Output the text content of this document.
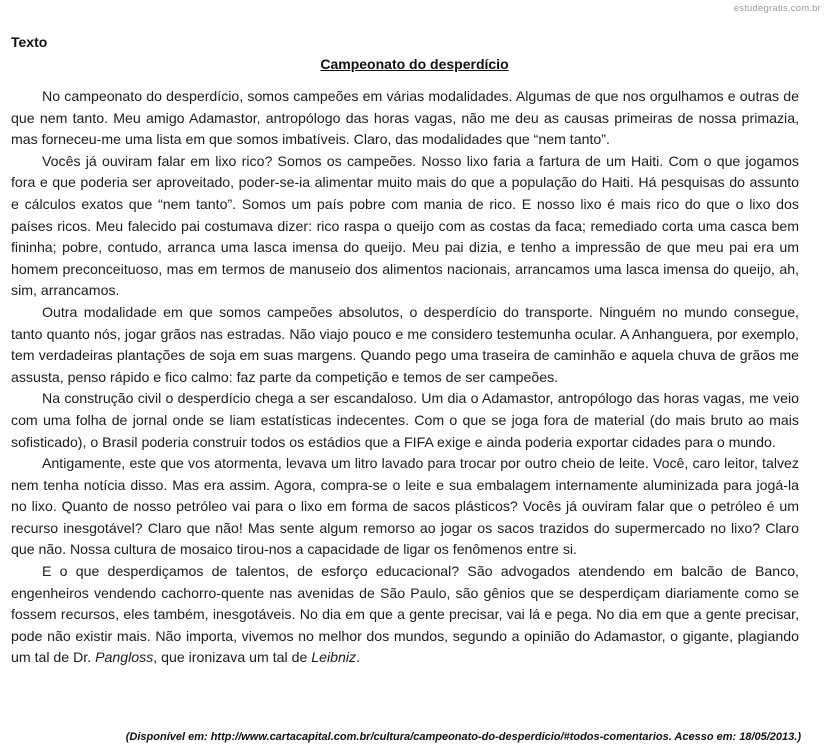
estudegratis.com.br
Texto
Campeonato do desperdício

No campeonato do desperdício, somos campeões em várias modalidades. Algumas de que nos orgulhamos e outras de que nem tanto. Meu amigo Adamastor, antropólogo das horas vagas, não me deu as causas primeiras de nossa primazia, mas forneceu-me uma lista em que somos imbatíveis. Claro, das modalidades que “nem tanto”.

Vocês já ouviram falar em lixo rico? Somos os campeões. Nosso lixo faria a fartura de um Haiti. Com o que jogamos fora e que poderia ser aproveitado, poder-se-ia alimentar muito mais do que a população do Haiti. Há pesquisas do assunto e cálculos exatos que “nem tanto”. Somos um país pobre com mania de rico. E nosso lixo é mais rico do que o lixo dos países ricos. Meu falecido pai costumava dizer: rico raspa o queijo com as costas da faca; remediado corta uma casca bem fininha; pobre, contudo, arranca uma lasca imensa do queijo. Meu pai dizia, e tenho a impressão de que meu pai era um homem preconceituoso, mas em termos de manuseio dos alimentos nacionais, arrancamos uma lasca imensa do queijo, ah, sim, arrancamos.

Outra modalidade em que somos campeões absolutos, o desperdício do transporte. Ninguém no mundo consegue, tanto quanto nós, jogar grãos nas estradas. Não viajo pouco e me considero testemunha ocular. A Anhanguera, por exemplo, tem verdadeiras plantações de soja em suas margens. Quando pego uma traseira de caminhão e aquela chuva de grãos me assusta, penso rápido e fico calmo: faz parte da competição e temos de ser campeões.

Na construção civil o desperdício chega a ser escandaloso. Um dia o Adamastor, antropólogo das horas vagas, me veio com uma folha de jornal onde se liam estatísticas indecentes. Com o que se joga fora de material (do mais bruto ao mais sofisticado), o Brasil poderia construir todos os estádios que a FIFA exige e ainda poderia exportar cidades para o mundo.

Antigamente, este que vos atormenta, levava um litro lavado para trocar por outro cheio de leite. Você, caro leitor, talvez nem tenha notícia disso. Mas era assim. Agora, compra-se o leite e sua embalagem internamente aluminizada para jogá-la no lixo. Quanto de nosso petróleo vai para o lixo em forma de sacos plásticos? Vocês já ouviram falar que o petróleo é um recurso inesgotável? Claro que não! Mas sente algum remorso ao jogar os sacos trazidos do supermercado no lixo? Claro que não. Nossa cultura de mosaico tirou-nos a capacidade de ligar os fenômenos entre si.

E o que desperdiçamos de talentos, de esforço educacional? São advogados atendendo em balcão de Banco, engenheiros vendendo cachorro-quente nas avenidas de São Paulo, são gênios que se desperdiçam diariamente como se fossem recursos, eles também, inesgotáveis. No dia em que a gente precisar, vai lá e pega. No dia em que a gente precisar, pode não existir mais. Não importa, vivemos no melhor dos mundos, segundo a opinião do Adamastor, o gigante, plagiando um tal de Dr. Pangloss, que ironizava um tal de Leibniz.

(Disponível em: http://www.cartacapital.com.br/cultura/campeonato-do-desperdicio/#todos-comentarios. Acesso em: 18/05/2013.)
